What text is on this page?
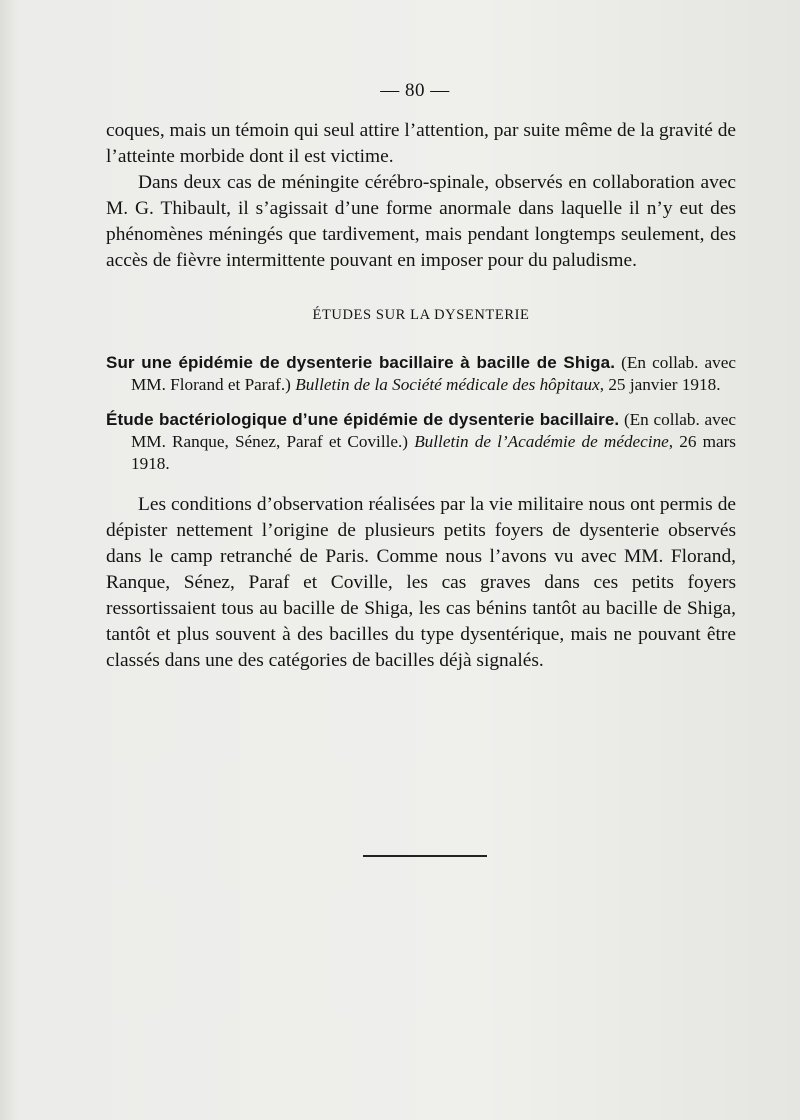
— 80 —

coques, mais un témoin qui seul attire l’attention, par suite même de la gravité de l’atteinte morbide dont il est victime.

Dans deux cas de méningite cérébro-spinale, observés en collaboration avec M. G. Thibault, il s’agissait d’une forme anormale dans laquelle il n’y eut des phénomènes méningés que tardivement, mais pendant longtemps seulement, des accès de fièvre intermittente pouvant en imposer pour du paludisme.

ÉTUDES SUR LA DYSENTERIE

Sur une épidémie de dysenterie bacillaire à bacille de Shiga. (En collab. avec MM. Florand et Paraf.) Bulletin de la Société médicale des hôpitaux, 25 janvier 1918.

Étude bactériologique d’une épidémie de dysenterie bacillaire. (En collab. avec MM. Ranque, Sénez, Paraf et Coville.) Bulletin de l’Académie de médecine, 26 mars 1918.

Les conditions d’observation réalisées par la vie militaire nous ont permis de dépister nettement l’origine de plusieurs petits foyers de dysenterie observés dans le camp retranché de Paris. Comme nous l’avons vu avec MM. Florand, Ranque, Sénez, Paraf et Coville, les cas graves dans ces petits foyers ressortissaient tous au bacille de Shiga, les cas bénins tantôt au bacille de Shiga, tantôt et plus souvent à des bacilles du type dysentérique, mais ne pouvant être classés dans une des catégories de bacilles déjà signalés.
